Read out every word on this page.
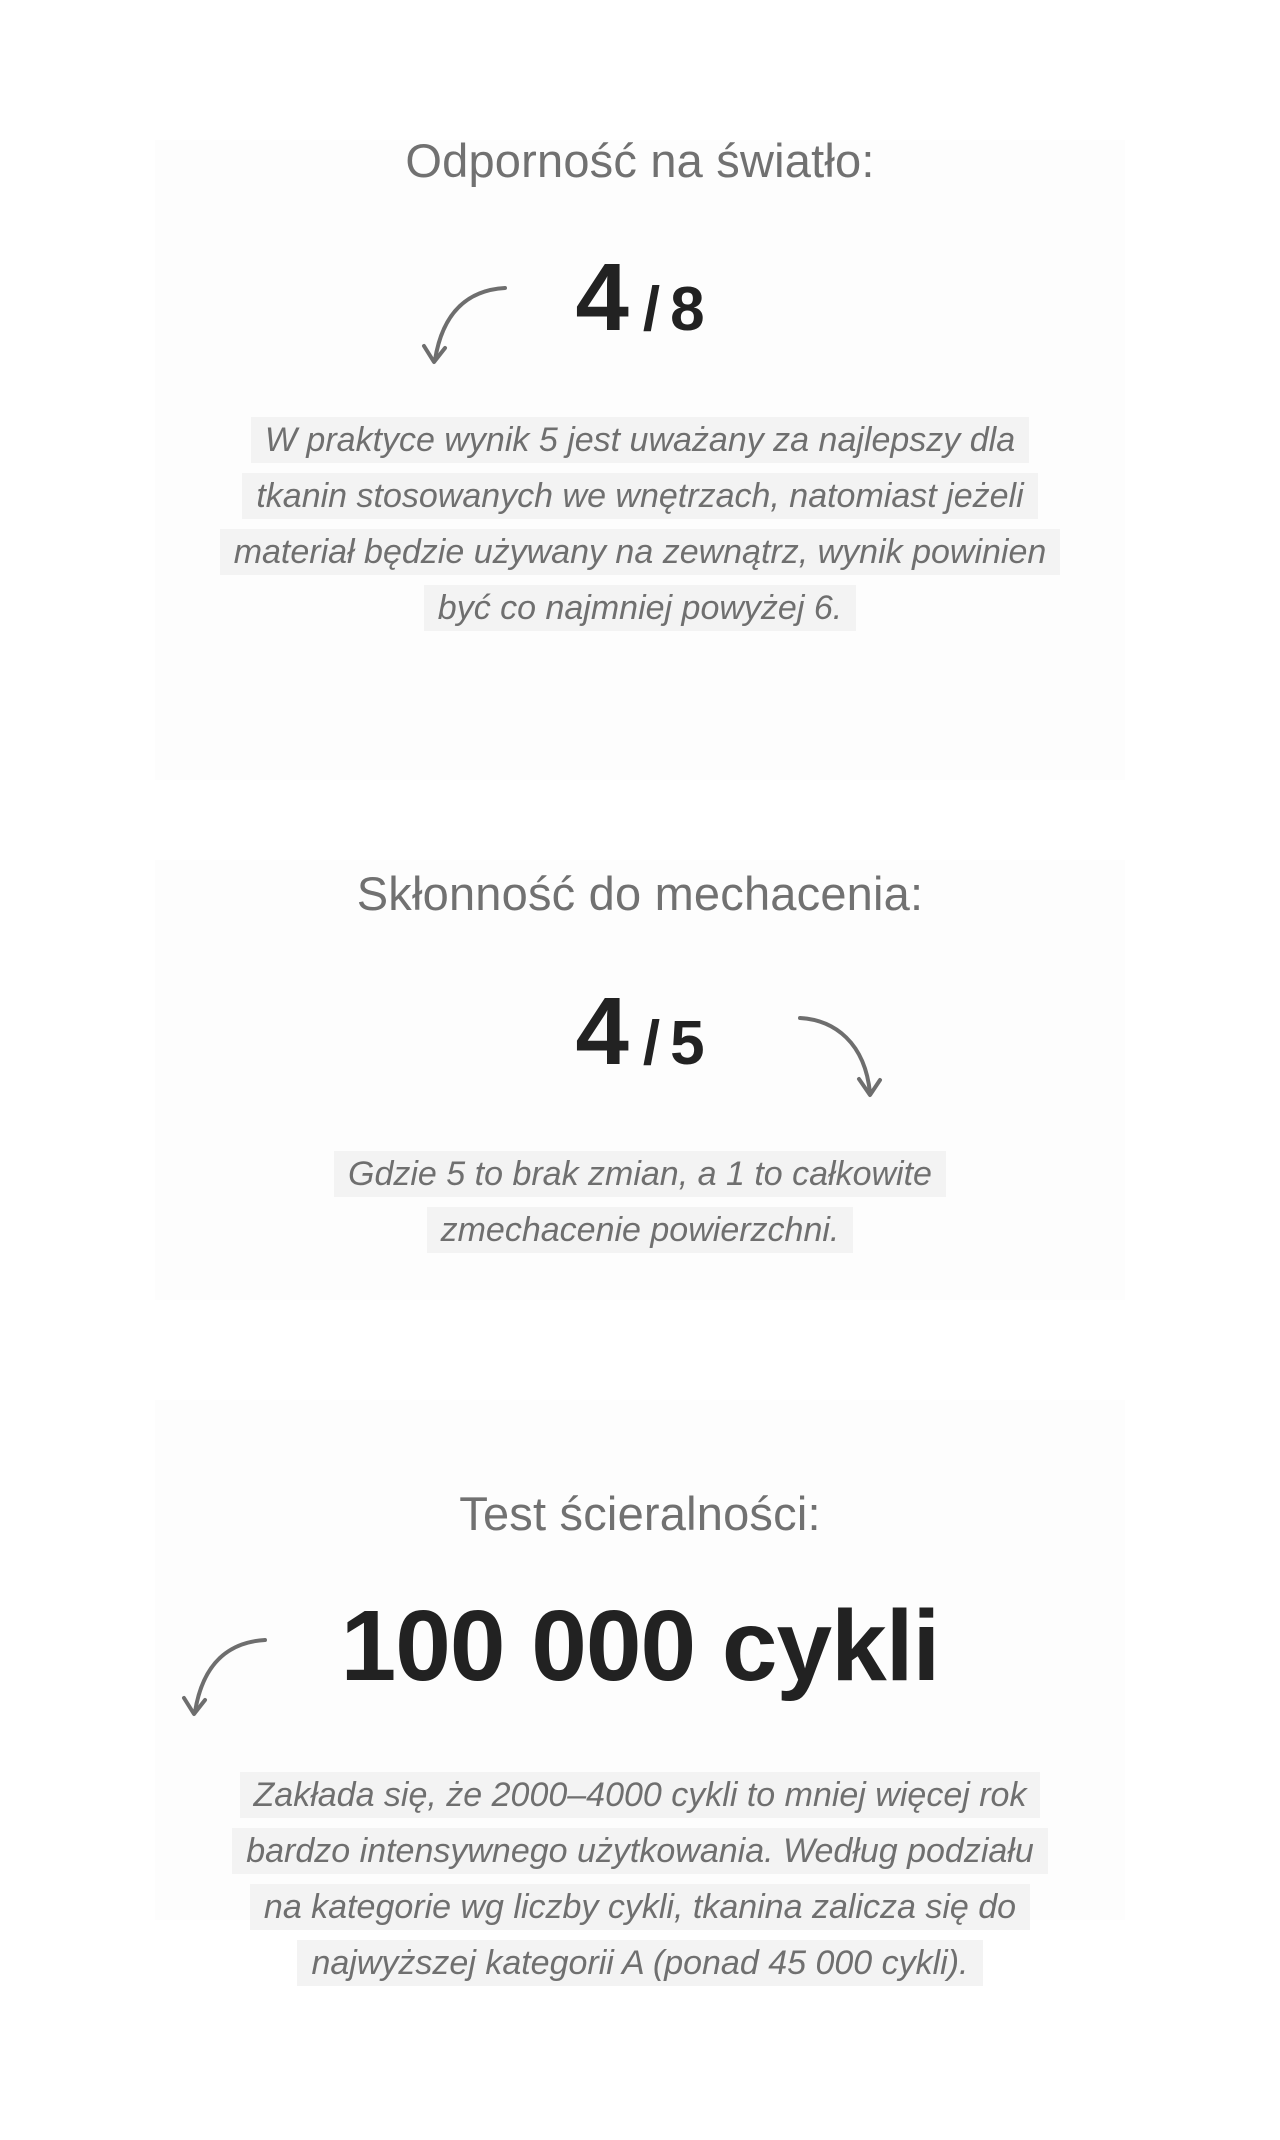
Odporność na światło:
4 / 8
W praktyce wynik 5 jest uważany za najlepszy dla
tkanin stosowanych we wnętrzach, natomiast jeżeli
materiał będzie używany na zewnątrz, wynik powinien
być co najmniej powyżej 6.
Skłonność do mechacenia:
4 / 5
Gdzie 5 to brak zmian, a 1 to całkowite
zmechacenie powierzchni.
Test ścieralności:
100 000 cykli
Zakłada się, że 2000–4000 cykli to mniej więcej rok
bardzo intensywnego użytkowania. Według podziału
na kategorie wg liczby cykli, tkanina zalicza się do
najwyższej kategorii A (ponad 45 000 cykli).
